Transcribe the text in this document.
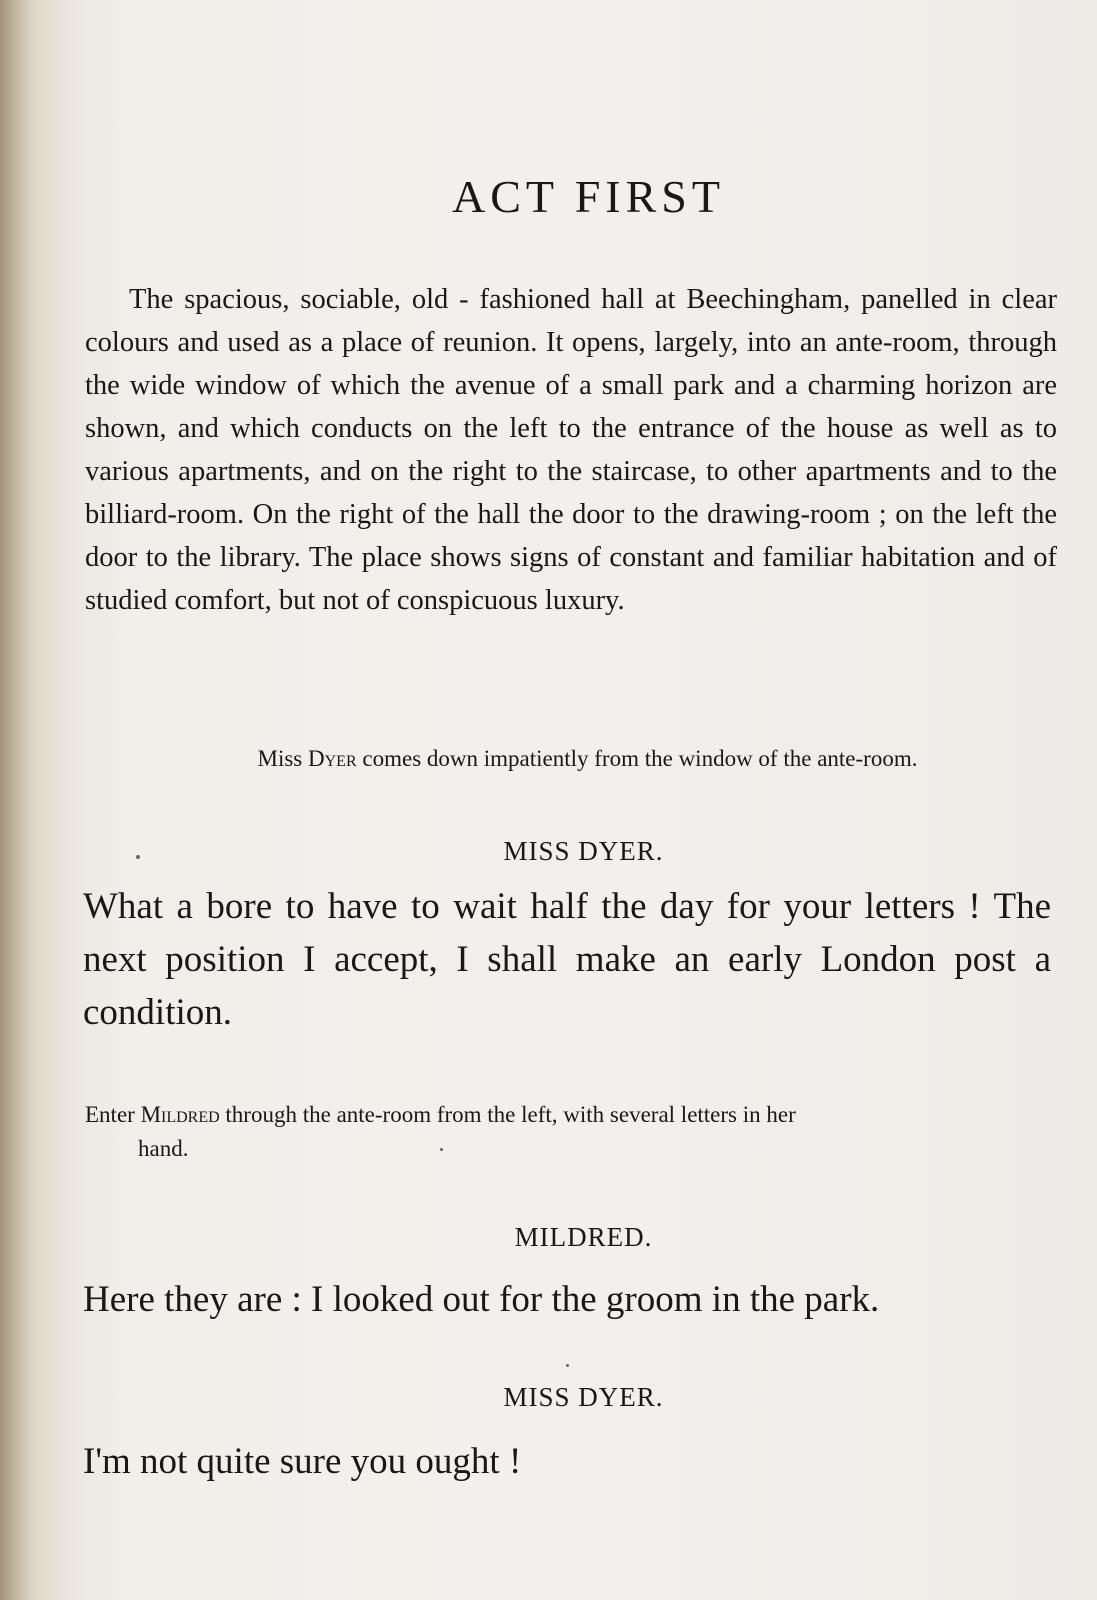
ACT FIRST

The spacious, sociable, old - fashioned hall at Beechingham, panelled in clear colours and used as a place of reunion. It opens, largely, into an ante-room, through the wide window of which the avenue of a small park and a charming horizon are shown, and which conducts on the left to the entrance of the house as well as to various apartments, and on the right to the staircase, to other apartments and to the billiard-room. On the right of the hall the door to the drawing-room ; on the left the door to the library. The place shows signs of constant and familiar habitation and of studied comfort, but not of conspicuous luxury.

Miss Dyer comes down impatiently from the window of the ante-room.
MISS DYER.

What a bore to have to wait half the day for your letters ! The next position I accept, I shall make an early London post a condition.

Enter Mildred through the ante-room from the left, with several letters in her
hand.
MILDRED.

Here they are : I looked out for the groom in the park.

MISS DYER.

I'm not quite sure you ought !
